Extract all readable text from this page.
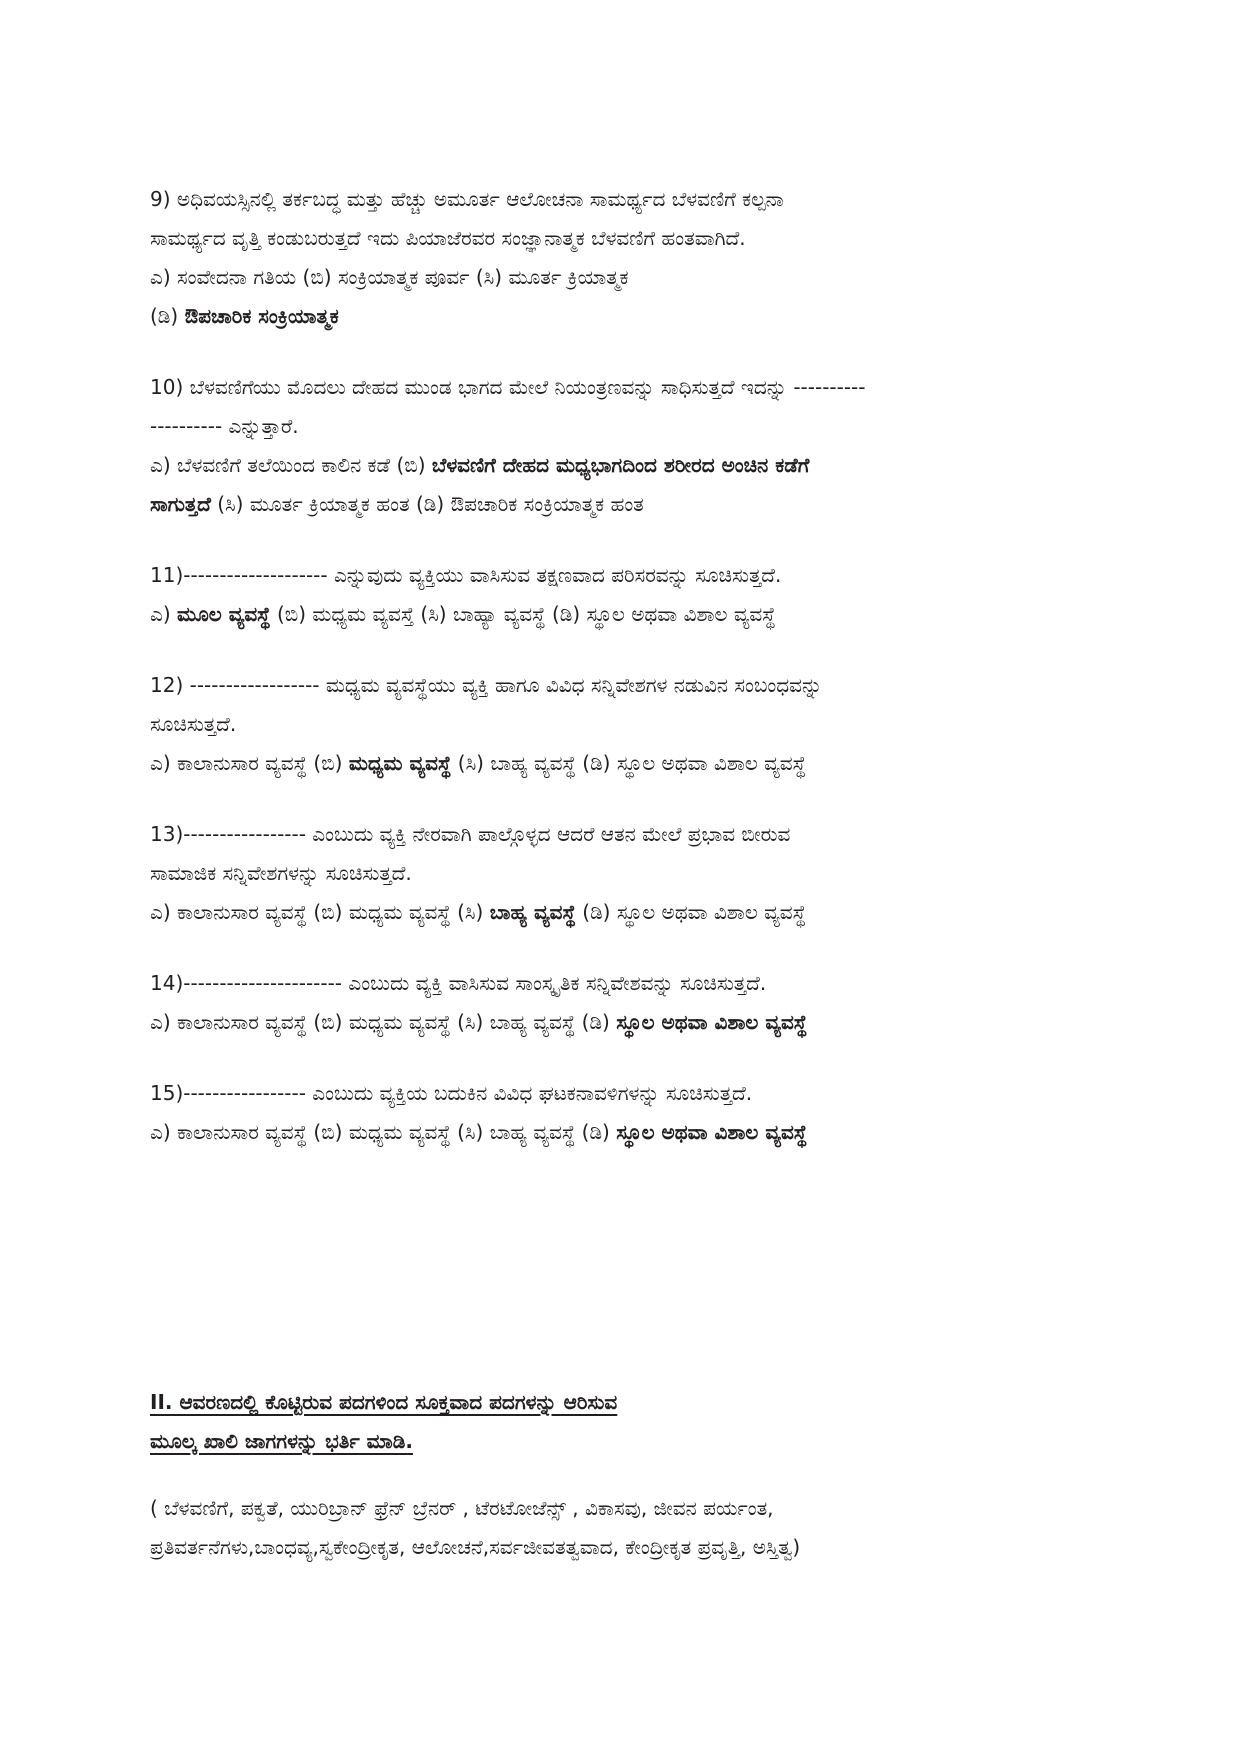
9) ಅಧಿವಯಸ್ಸಿನಲ್ಲಿ ತರ್ಕಬದ್ಧ ಮತ್ತು ಹೆಚ್ಚು ಅಮೂರ್ತ ಆಲೋಚನಾ ಸಾಮರ್ಥ್ಯದ ಬೆಳವಣಿಗೆ ಕಲ್ಪನಾ
ಸಾಮರ್ಥ್ಯದ ವೃತ್ತಿ ಕಂಡುಬರುತ್ತದೆ ಇದು ಪಿಯಾಜೆರವರ ಸಂಜ್ಞಾನಾತ್ಮಕ ಬೆಳವಣಿಗೆ ಹಂತವಾಗಿದೆ.
ಎ) ಸಂವೇದನಾ ಗತಿಯ (ಬಿ) ಸಂಕ್ರಿಯಾತ್ಮಕ ಪೂರ್ವ (ಸಿ) ಮೂರ್ತ ಕ್ರಿಯಾತ್ಮಕ
(ಡಿ) ಔಪಚಾರಿಕ ಸಂಕ್ರಿಯಾತ್ಮಕ
10) ಬೆಳವಣಿಗೆಯು ಮೊದಲು ದೇಹದ ಮುಂಡ ಭಾಗದ ಮೇಲೆ ನಿಯಂತ್ರಣವನ್ನು ಸಾಧಿಸುತ್ತದೆ ಇದನ್ನು ----------
---------- ಎನ್ನುತ್ತಾರೆ.
ಎ) ಬೆಳವಣಿಗೆ ತಲೆಯಿಂದ ಕಾಲಿನ ಕಡೆ (ಬಿ) ಬೆಳವಣಿಗೆ ದೇಹದ ಮಧ್ಯಭಾಗದಿಂದ ಶರೀರದ ಅಂಚಿನ ಕಡೆಗೆ
ಸಾಗುತ್ತದೆ (ಸಿ) ಮೂರ್ತ ಕ್ರಿಯಾತ್ಮಕ ಹಂತ (ಡಿ) ಔಪಚಾರಿಕ ಸಂಕ್ರಿಯಾತ್ಮಕ ಹಂತ
11)-------------------- ಎನ್ನುವುದು ವ್ಯಕ್ತಿಯು ವಾಸಿಸುವ ತಕ್ಷಣವಾದ ಪರಿಸರವನ್ನು ಸೂಚಿಸುತ್ತದೆ.
ಎ) ಮೂಲ ವ್ಯವಸ್ಥೆ (ಬಿ) ಮಧ್ಯಮ ವ್ಯವಸ್ತೆ (ಸಿ) ಬಾಹ್ಯಾ ವ್ಯವಸ್ಥೆ (ಡಿ) ಸ್ಥೂಲ ಅಥವಾ ವಿಶಾಲ ವ್ಯವಸ್ಥೆ
12) ------------------ ಮಧ್ಯಮ ವ್ಯವಸ್ಥೆಯು ವ್ಯಕ್ತಿ ಹಾಗೂ ವಿವಿಧ ಸನ್ನಿವೇಶಗಳ ನಡುವಿನ ಸಂಬಂಧವನ್ನು
ಸೂಚಿಸುತ್ತದೆ.
ಎ) ಕಾಲಾನುಸಾರ ವ್ಯವಸ್ಥೆ (ಬಿ) ಮಧ್ಯಮ ವ್ಯವಸ್ಥೆ (ಸಿ) ಬಾಹ್ಯ ವ್ಯವಸ್ಥೆ (ಡಿ) ಸ್ಥೂಲ ಅಥವಾ ವಿಶಾಲ ವ್ಯವಸ್ಥೆ
13)----------------- ಎಂಬುದು ವ್ಯಕ್ತಿ ನೇರವಾಗಿ ಪಾಲ್ಗೊಳ್ಳದ ಆದರೆ ಆತನ ಮೇಲೆ ಪ್ರಭಾವ ಬೀರುವ
ಸಾಮಾಜಿಕ ಸನ್ನಿವೇಶಗಳನ್ನು ಸೂಚಿಸುತ್ತದೆ.
ಎ) ಕಾಲಾನುಸಾರ ವ್ಯವಸ್ಥೆ (ಬಿ) ಮಧ್ಯಮ ವ್ಯವಸ್ಥೆ (ಸಿ) ಬಾಹ್ಯ ವ್ಯವಸ್ಥೆ (ಡಿ) ಸ್ಥೂಲ ಅಥವಾ ವಿಶಾಲ ವ್ಯವಸ್ಥೆ
14)---------------------- ಎಂಬುದು ವ್ಯಕ್ತಿ ವಾಸಿಸುವ ಸಾಂಸ್ಕೃತಿಕ ಸನ್ನಿವೇಶವನ್ನು ಸೂಚಿಸುತ್ತದೆ.
ಎ) ಕಾಲಾನುಸಾರ ವ್ಯವಸ್ಥೆ (ಬಿ) ಮಧ್ಯಮ ವ್ಯವಸ್ಥೆ (ಸಿ) ಬಾಹ್ಯ ವ್ಯವಸ್ಥೆ (ಡಿ) ಸ್ಥೂಲ ಅಥವಾ ವಿಶಾಲ ವ್ಯವಸ್ಥೆ
15)----------------- ಎಂಬುದು ವ್ಯಕ್ತಿಯ ಬದುಕಿನ ವಿವಿಧ ಘಟಕನಾವಳಿಗಳನ್ನು ಸೂಚಿಸುತ್ತದೆ.
ಎ) ಕಾಲಾನುಸಾರ ವ್ಯವಸ್ಥೆ (ಬಿ) ಮಧ್ಯಮ ವ್ಯವಸ್ಥೆ (ಸಿ) ಬಾಹ್ಯ ವ್ಯವಸ್ಥೆ (ಡಿ) ಸ್ಥೂಲ ಅಥವಾ ವಿಶಾಲ ವ್ಯವಸ್ಥೆ
II. ಆವರಣದಲ್ಲಿ ಕೊಟ್ಟಿರುವ ಪದಗಳಿಂದ ಸೂಕ್ತವಾದ ಪದಗಳನ್ನು ಆರಿಸುವ
ಮೂಲ್ಕ ಖಾಲಿ ಜಾಗಗಳನ್ನು ಭರ್ತಿ ಮಾಡಿ.
( ಬೆಳವಣಿಗೆ, ಪಕ್ವತೆ, ಯುರಿಬ್ರಾನ್ ಫ್ರೆನ್ ಬ್ರೆನರ್ , ಟೆರಟೋಜೆನ್ಸ್ , ವಿಕಾಸವು, ಜೀವನ ಪರ್ಯಂತ,
ಪ್ರತಿವರ್ತನೆಗಳು,ಬಾಂಧವ್ಯ,ಸ್ವಕೇಂದ್ರೀಕೃತ, ಆಲೋಚನೆ,ಸರ್ವಜೀವತತ್ವವಾದ, ಕೇಂದ್ರೀಕೃತ ಪ್ರವೃತ್ತಿ, ಅಸ್ತಿತ್ವ)
